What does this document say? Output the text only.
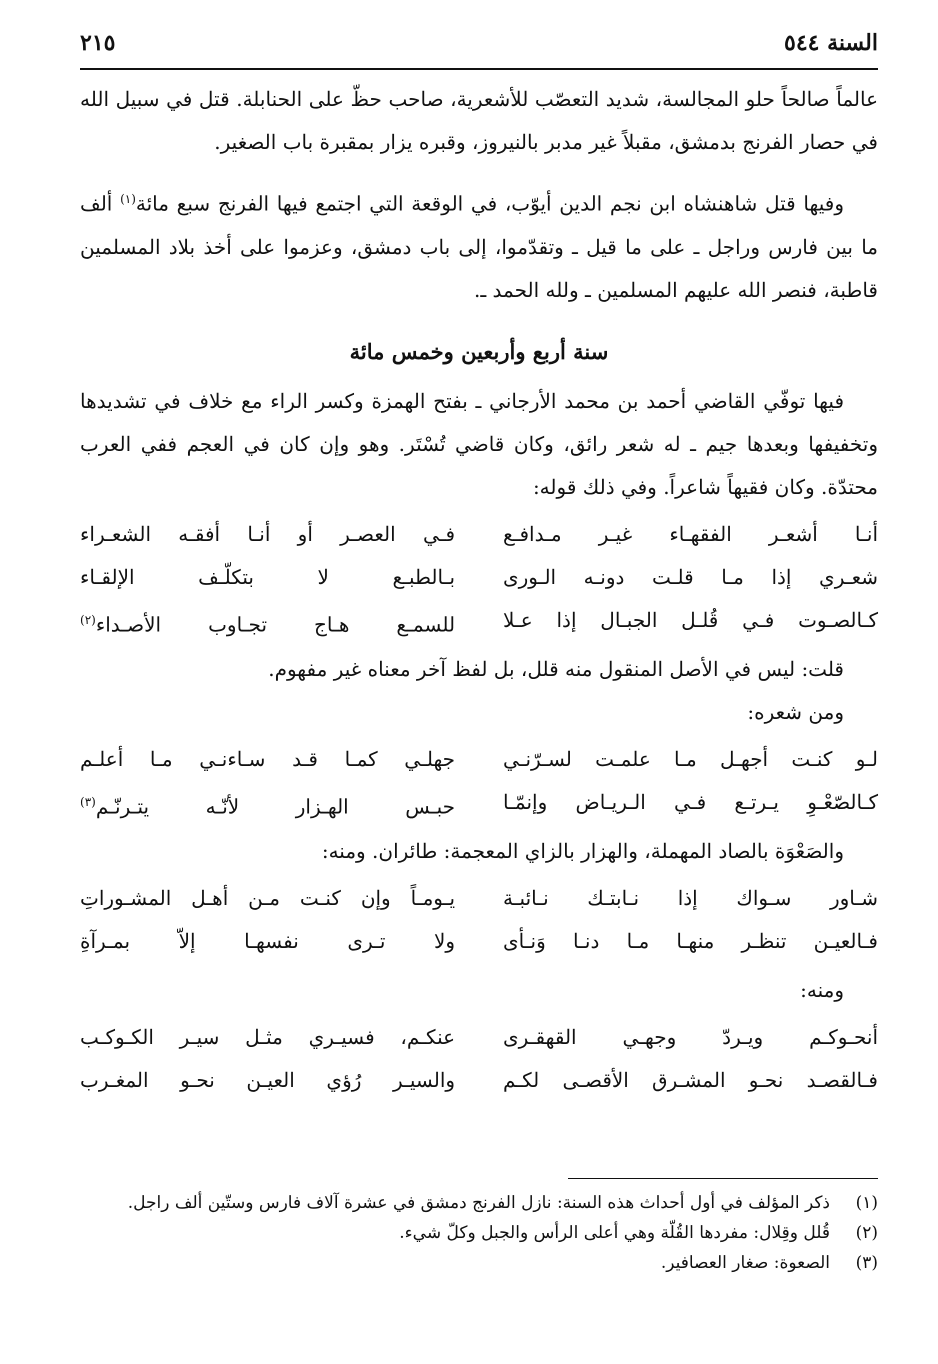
السنة ٥٤٤
٢١٥

عالماً صالحاً حلو المجالسة، شديد التعصّب للأشعرية، صاحب حظّ على الحنابلة. قتل في سبيل الله في حصار الفرنج بدمشق، مقبلاً غير مدبر بالنيروز، وقبره يزار بمقبرة باب الصغير.

وفيها قتل شاهنشاه ابن نجم الدين أيوّب، في الوقعة التي اجتمع فيها الفرنج سبع مائة$^{(١)}$ ألف ما بين فارس وراجل ـ على ما قيل ـ وتقدّموا، إلى باب دمشق، وعزموا على أخذ بلاد المسلمين قاطبة، فنصر الله عليهم المسلمين ـ ولله الحمد ـ.

سنة أربع وأربعين وخمس مائة

فيها توفّي القاضي أحمد بن محمد الأرجاني ـ بفتح الهمزة وكسر الراء مع خلاف في تشديدها وتخفيفها وبعدها جيم ـ له شعر رائق، وكان قاضي تُسْتَر. وهو وإن كان في العجم ففي العرب محتدّة. وكان فقيهاً شاعراً. وفي ذلك قوله:

أنـا أشعـر الفقهـاء غيـر مـدافـع
فـي العصـر أو أنـا أفقـه الشعـراء
شعـري إذا مـا قلـت دونـه الـورى
بـالطبـع لا بتكلّـف الإلقـاء
كـالصـوت فـي قُلـل الجبـال إذا عـلا
للسمـع هـاج تجـاوب الأصـداء$^{(٢)}$

قلت: ليس في الأصل المنقول منه قلل، بل لفظ آخر معناه غير مفهوم.

ومن شعره:

لـو كنـت أجهـل مـا علمـت لسـرّنـي
جهلـي كمـا قـد سـاءنـي مـا أعلـم
كـالصّعْـوِ يـرتـع فـي الـريـاض وإنمّـا
حبـس الهـزار لأنّـه يتـرنّـم$^{(٣)}$

والصَعْوَة بالصاد المهملة، والهزار بالزاي المعجمة: طائران. ومنه:

شـاور سـواك إذا نـابتـك نـائبـة
يـومـاً وإن كنـت مـن أهـل المشـوراتِ
فـالعيـن تنظـر منهـا مـا دنـا وَنـأى
ولا تـرى نفسهـا إلاّ بمـرآةِ

ومنه:

أنحـوكـم ويـردّ وجهـي القهقـرى
عنكـم، فسيـري مثـل سيـر الكـوكـب
فـالقصـد نحـو المشـرق الأقصـى لكـم
والسيـر رُؤي العيـن نحـو المغـرب
(١)
ذكر المؤلف في أول أحداث هذه السنة: نازل الفرنج دمشق في عشرة آلاف فارس وستّين ألف راجل.
(٢)
قُلل وقِلال: مفردها القُلّة وهي أعلى الرأس والجبل وكلّ شيء.
(٣)
الصعوة: صغار العصافير.
